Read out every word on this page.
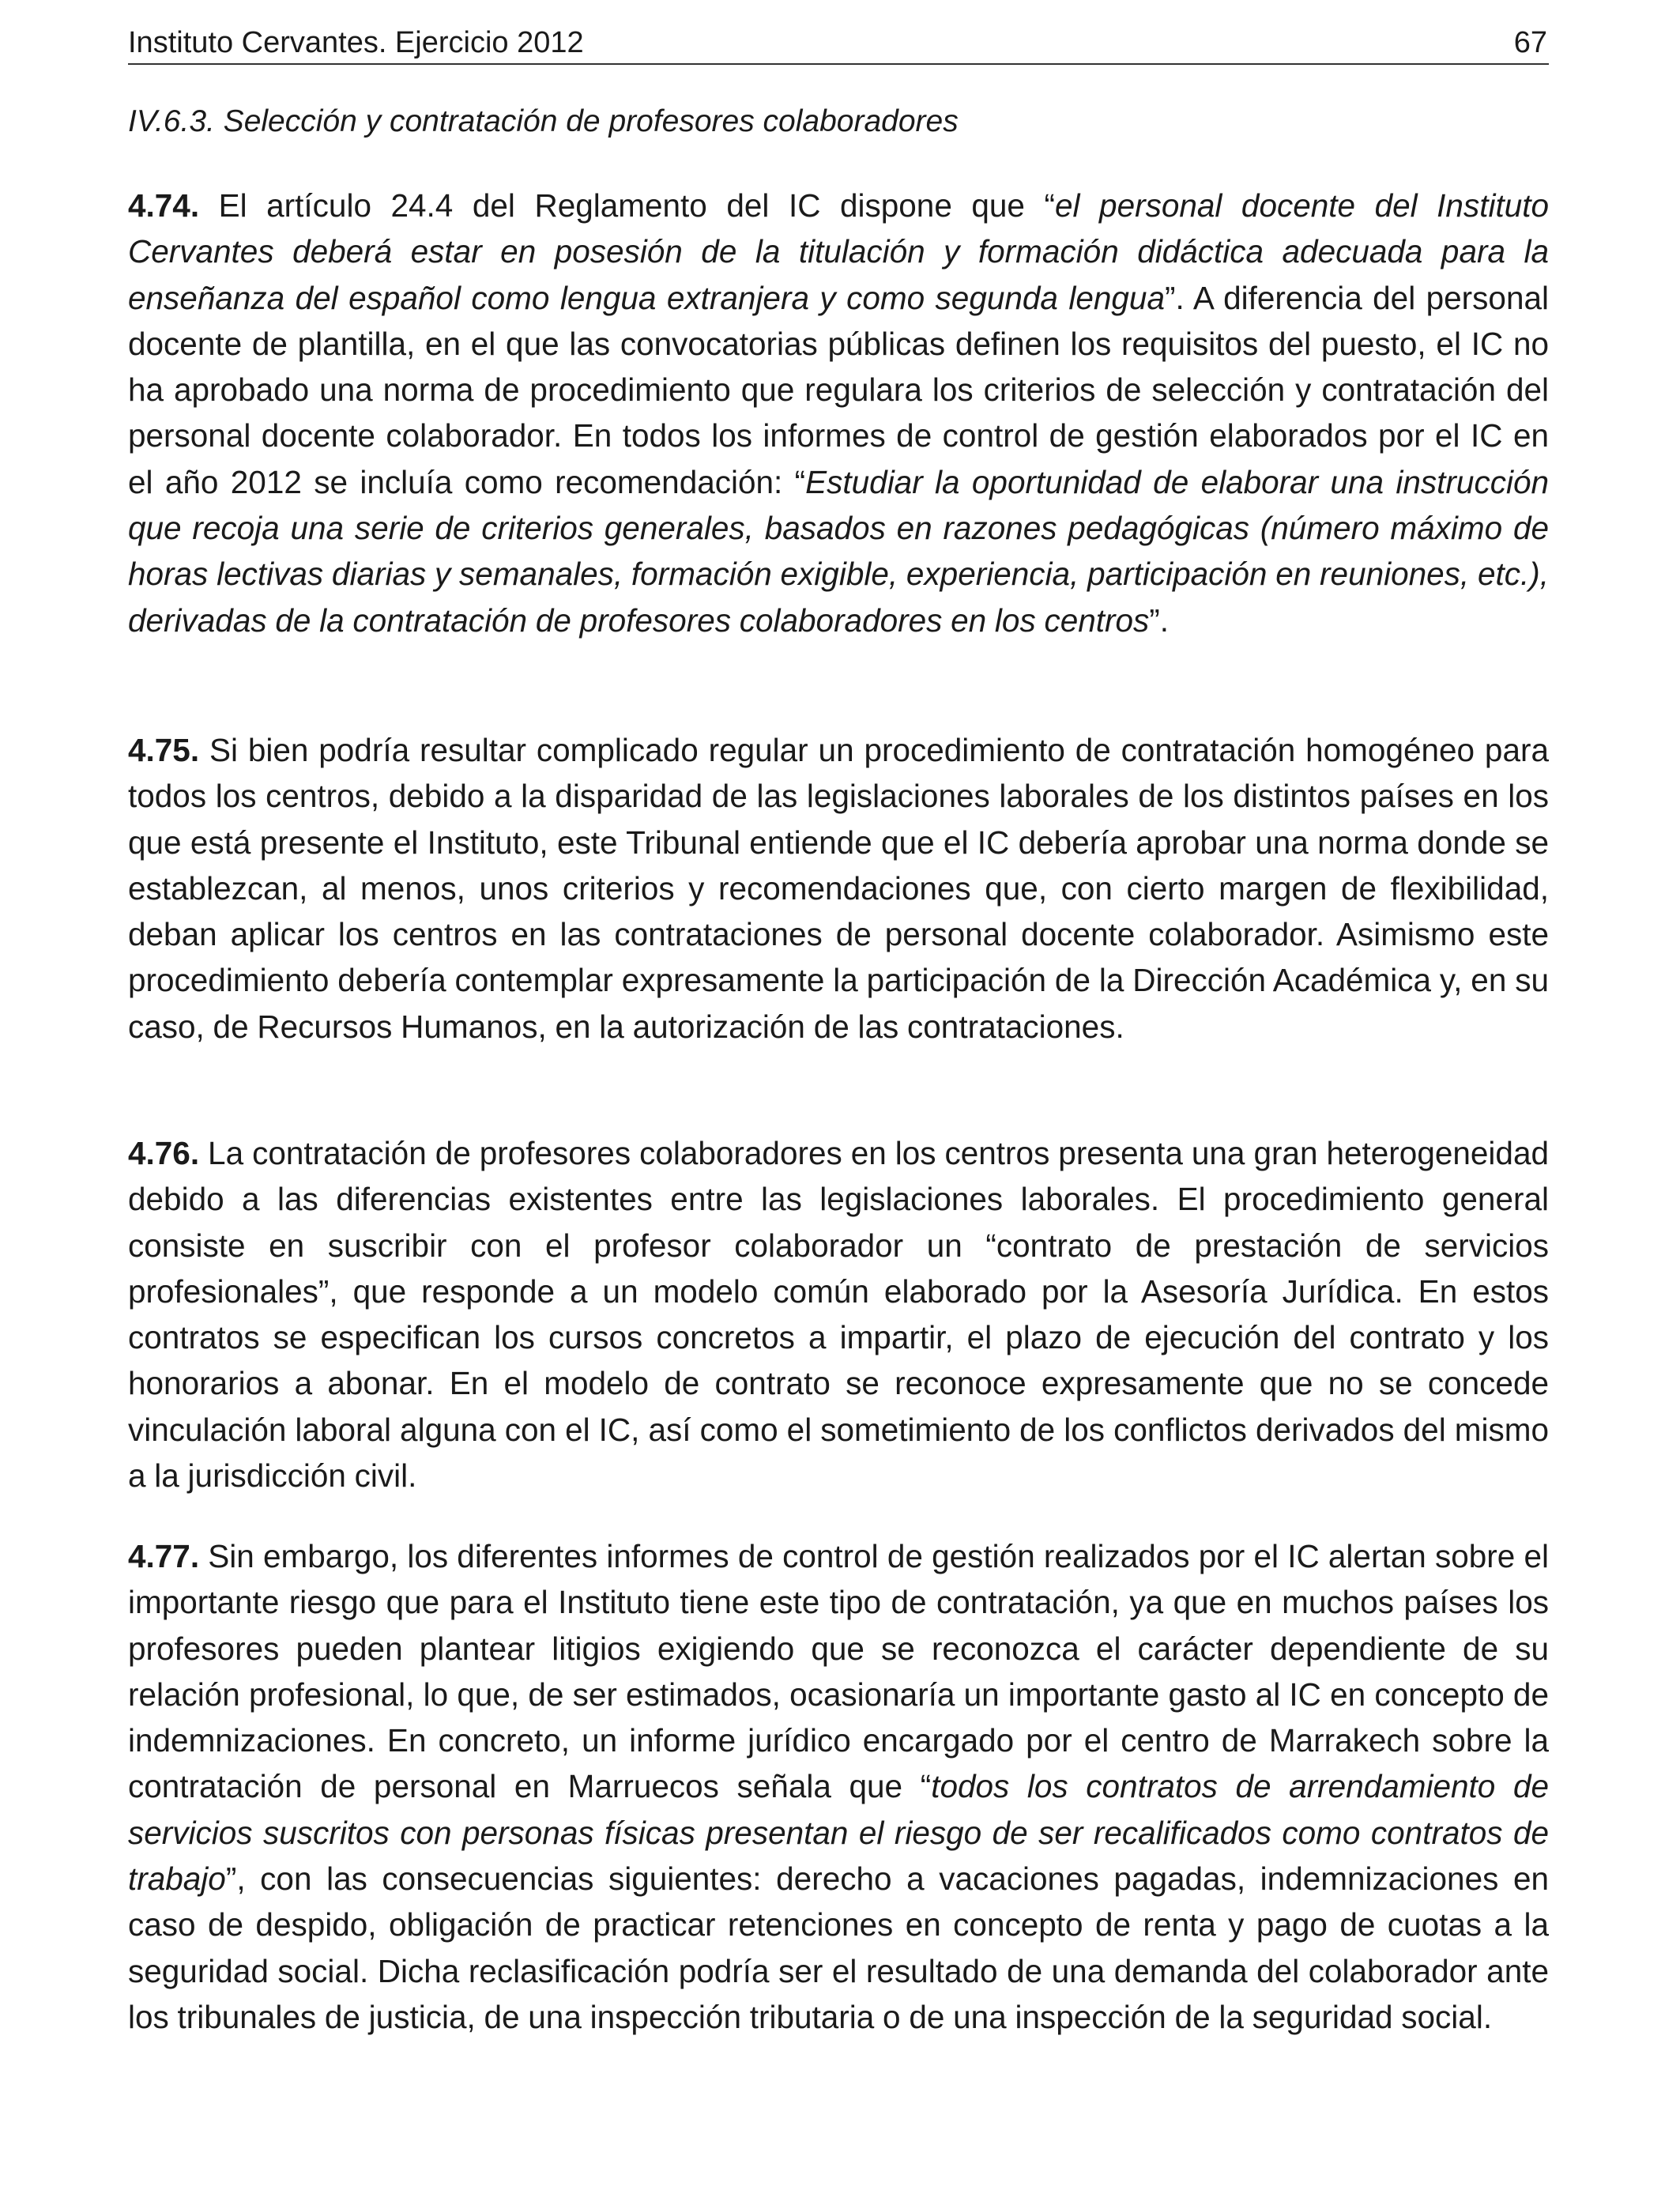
Instituto Cervantes. Ejercicio 2012	67
IV.6.3. Selección y contratación de profesores colaboradores

4.74. El artículo 24.4 del Reglamento del IC dispone que “el personal docente del Instituto Cervantes deberá estar en posesión de la titulación y formación didáctica adecuada para la enseñanza del español como lengua extranjera y como segunda lengua”. A diferencia del personal docente de plantilla, en el que las convocatorias públicas definen los requisitos del puesto, el IC no ha aprobado una norma de procedimiento que regulara los criterios de selección y contratación del personal docente colaborador. En todos los informes de control de gestión elaborados por el IC en el año 2012 se incluía como recomendación: “Estudiar la oportunidad de elaborar una instrucción que recoja una serie de criterios generales, basados en razones pedagógicas (número máximo de horas lectivas diarias y semanales, formación exigible, experiencia, participación en reuniones, etc.), derivadas de la contratación de profesores colaboradores en los centros”.

4.75. Si bien podría resultar complicado regular un procedimiento de contratación homogéneo para todos los centros, debido a la disparidad de las legislaciones laborales de los distintos países en los que está presente el Instituto, este Tribunal entiende que el IC debería aprobar una norma donde se establezcan, al menos, unos criterios y recomendaciones que, con cierto margen de flexibilidad, deban aplicar los centros en las contrataciones de personal docente colaborador. Asimismo este procedimiento debería contemplar expresamente la participación de la Dirección Académica y, en su caso, de Recursos Humanos, en la autorización de las contrataciones.

4.76. La contratación de profesores colaboradores en los centros presenta una gran heterogeneidad debido a las diferencias existentes entre las legislaciones laborales. El procedimiento general consiste en suscribir con el profesor colaborador un “contrato de prestación de servicios profesionales”, que responde a un modelo común elaborado por la Asesoría Jurídica. En estos contratos se especifican los cursos concretos a impartir, el plazo de ejecución del contrato y los honorarios a abonar. En el modelo de contrato se reconoce expresamente que no se concede vinculación laboral alguna con el IC, así como el sometimiento de los conflictos derivados del mismo a la jurisdicción civil.

4.77. Sin embargo, los diferentes informes de control de gestión realizados por el IC alertan sobre el importante riesgo que para el Instituto tiene este tipo de contratación, ya que en muchos países los profesores pueden plantear litigios exigiendo que se reconozca el carácter dependiente de su relación profesional, lo que, de ser estimados, ocasionaría un importante gasto al IC en concepto de indemnizaciones. En concreto, un informe jurídico encargado por el centro de Marrakech sobre la contratación de personal en Marruecos señala que “todos los contratos de arrendamiento de servicios suscritos con personas físicas presentan el riesgo de ser recalificados como contratos de trabajo”, con las consecuencias siguientes: derecho a vacaciones pagadas, indemnizaciones en caso de despido, obligación de practicar retenciones en concepto de renta y pago de cuotas a la seguridad social. Dicha reclasificación podría ser el resultado de una demanda del colaborador ante los tribunales de justicia, de una inspección tributaria o de una inspección de la seguridad social.
